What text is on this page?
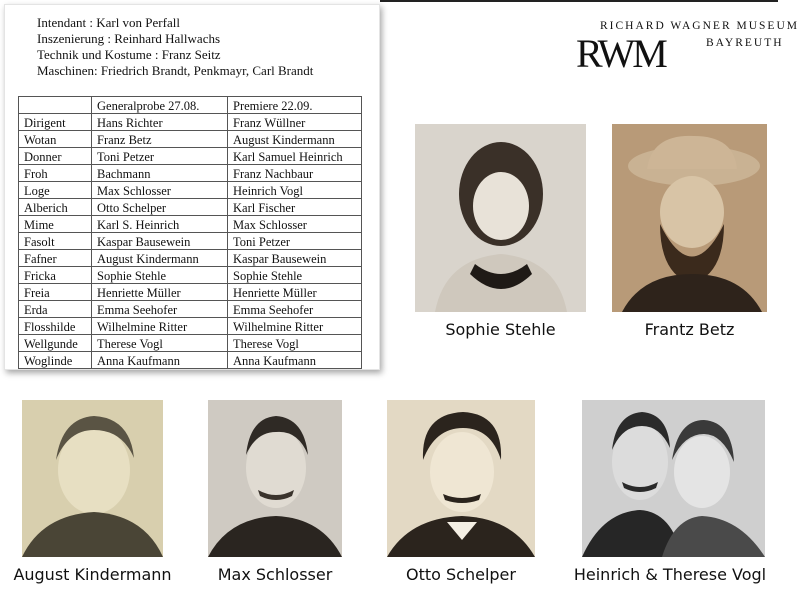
Intendant : Karl von Perfall
Inszenierung : Reinhard Hallwachs
Technik und Kostume : Franz Seitz
Maschinen: Friedrich Brandt, Penkmayr, Carl Brandt
	Generalprobe 27.08.	Premiere 22.09.
Dirigent	Hans Richter	Franz Wüllner
Wotan	Franz Betz	August Kindermann
Donner	Toni Petzer	Karl Samuel Heinrich
Froh	Bachmann	Franz Nachbaur
Loge	Max Schlosser	Heinrich Vogl
Alberich	Otto Schelper	Karl Fischer
Mime	Karl S. Heinrich	Max Schlosser
Fasolt	Kaspar Bausewein	Toni Petzer
Fafner	August Kindermann	Kaspar Bausewein
Fricka	Sophie Stehle	Sophie Stehle
Freia	Henriette Müller	Henriette Müller
Erda	Emma Seehofer	Emma Seehofer
Flosshilde	Wilhelmine Ritter	Wilhelmine Ritter
Wellgunde	Therese Vogl	Therese Vogl
Woglinde	Anna Kaufmann	Anna Kaufmann
RICHARD WAGNER MUSEUM
RWM	BAYREUTH
Sophie Stehle	Frantz Betz
August Kindermann	Max Schlosser	Otto Schelper	Heinrich & Therese Vogl
